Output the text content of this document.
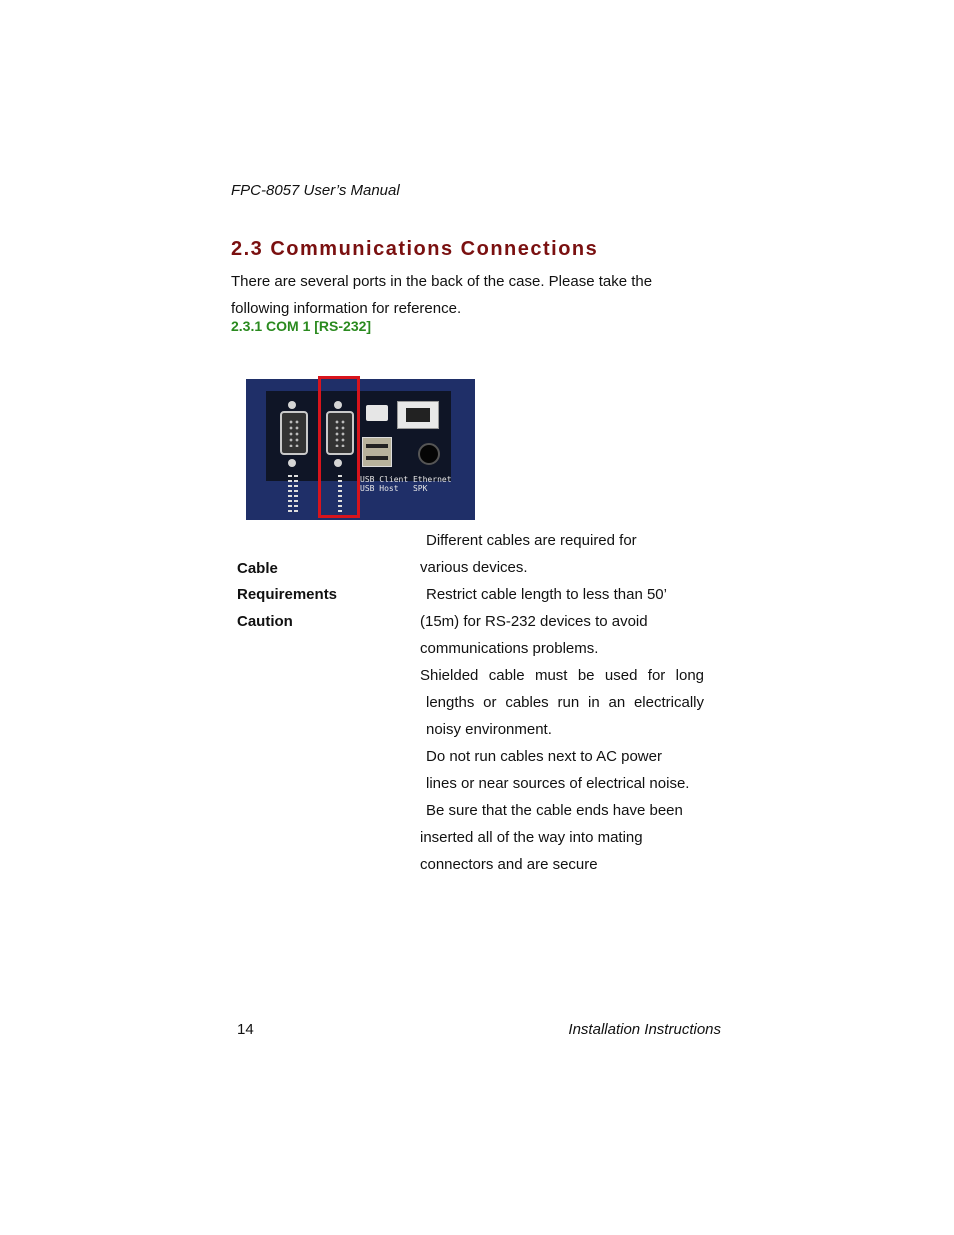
FPC-8057 User’s Manual
2.3 Communications Connections
There are several ports in the back of the case. Please take the
following information for reference.
2.3.1 COM 1 [RS-232]
USB Client Ethernet
USB Host   SPK
Cable
Requirements
Caution

Different cables are required for

various devices.

Restrict cable length to less than 50’

(15m) for RS-232 devices to avoid

communications problems.

Shielded cable must be used for long

lengths or cables run in an electrically

noisy environment.

Do not run cables next to AC power

lines or near sources of electrical noise.

Be sure that the cable ends have been

inserted all of the way into mating

connectors and are secure

14	Installation Instructions
